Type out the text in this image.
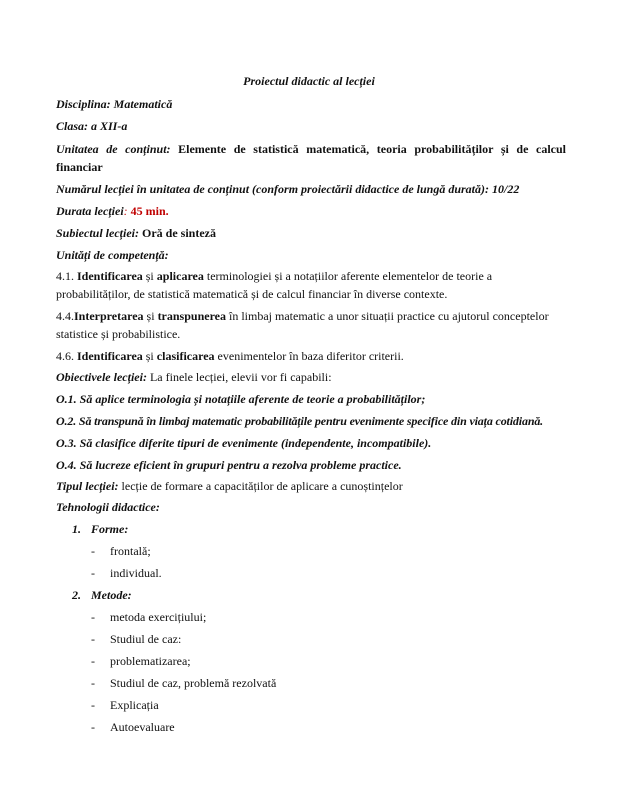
Proiectul didactic al lecției
Disciplina: Matematică
Clasa: a XII-a
Unitatea de conținut: Elemente de statistică matematică, teoria probabilităților și de calcul
financiar
Numărul lecției în unitatea de conținut (conform proiectării didactice de lungă durată): 10/22
Durata lecției: 45 min.
Subiectul lecției: Oră de sinteză
Unități de competență:
4.1. Identificarea și aplicarea terminologiei și a notațiilor aferente elementelor de teorie a
probabilităților, de statistică matematică și de calcul financiar în diverse contexte.
4.4.Interpretarea și transpunerea în limbaj matematic a unor situații practice cu ajutorul conceptelor
statistice și probabilistice.
4.6. Identificarea și clasificarea evenimentelor în baza diferitor criterii.
Obiectivele lecției: La finele lecției, elevii vor fi capabili:
O.1. Să aplice terminologia și notațiile aferente de teorie a probabilităților;
O.2. Să transpună în limbaj matematic probabilitățile pentru evenimente specifice din viața cotidiană.
O.3. Să clasifice diferite tipuri de evenimente (independente, incompatibile).
O.4. Să lucreze eficient în grupuri pentru a rezolva probleme practice.
Tipul lecției: lecție de formare a capacităților de aplicare a cunoștințelor
Tehnologii didactice:
1. Forme:
- frontală;
- individual.
2. Metode:
- metoda exercițiului;
- Studiul de caz:
- problematizarea;
- Studiul de caz, problemă rezolvată
- Explicația
- Autoevaluare
